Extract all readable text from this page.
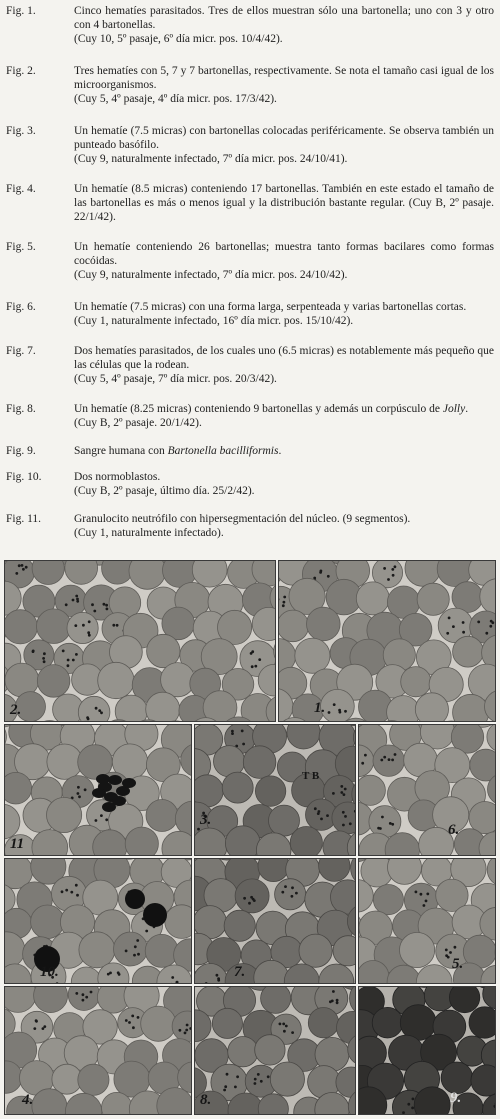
Fig. 1.	Cinco hematíes parasitados. Tres de ellos muestran sólo una bartonella; uno con 3 y otro con 4 bartonellas.
(Cuy 10, 5º pasaje, 6º día micr. pos. 10/4/42).
Fig. 2.	Tres hematíes con 5, 7 y 7 bartonellas, respectivamente. Se nota el tamaño casi igual de los microorganismos.
(Cuy 5, 4º pasaje, 4º día micr. pos. 17/3/42).
Fig. 3.	Un hematíe (7.5 micras) con bartonellas colocadas periféricamente. Se observa también un punteado basófilo.
(Cuy 9, naturalmente infectado, 7º día micr. pos. 24/10/41).
Fig. 4.	Un hematíe (8.5 micras) conteniendo 17 bartonellas. También en este estado el tamaño de las bartonellas es más o menos igual y la distribución bastante regular. (Cuy B, 2º pasaje. 22/1/42).
Fig. 5.	Un hematíe conteniendo 26 bartonellas; muestra tanto formas bacilares como formas cocóidas.
(Cuy 9, naturalmente infectado, 7º día micr. pos. 24/10/42).
Fig. 6.	Un hematíe (7.5 micras) con una forma larga, serpenteada y varias bartonellas cortas.
(Cuy 1, naturalmente infectado, 16º día micr. pos. 15/10/42).
Fig. 7.	Dos hematíes parasitados, de los cuales uno (6.5 micras) es notablemente más pequeño que las células que la rodean.
(Cuy 5, 4º pasaje, 7º día micr. pos. 20/3/42).
Fig. 8.	Un hematíe (8.25 micras) conteniendo 9 bartonellas y además un corpúsculo de Jolly.
(Cuy B, 2º pasaje. 20/1/42).
Fig. 9.	Sangre humana con Bartonella bacilliformis.
Fig. 10.	Dos normoblastos.
(Cuy B, 2º pasaje, último día. 25/2/42).
Fig. 11.	Granulocito neutrófilo con hipersegmentación del núcleo. (9 segmentos).
(Cuy 1, naturalmente infectado).
2.	1.
11
3.
6.
10.	7.	5.
4.	8.	9.
T B
